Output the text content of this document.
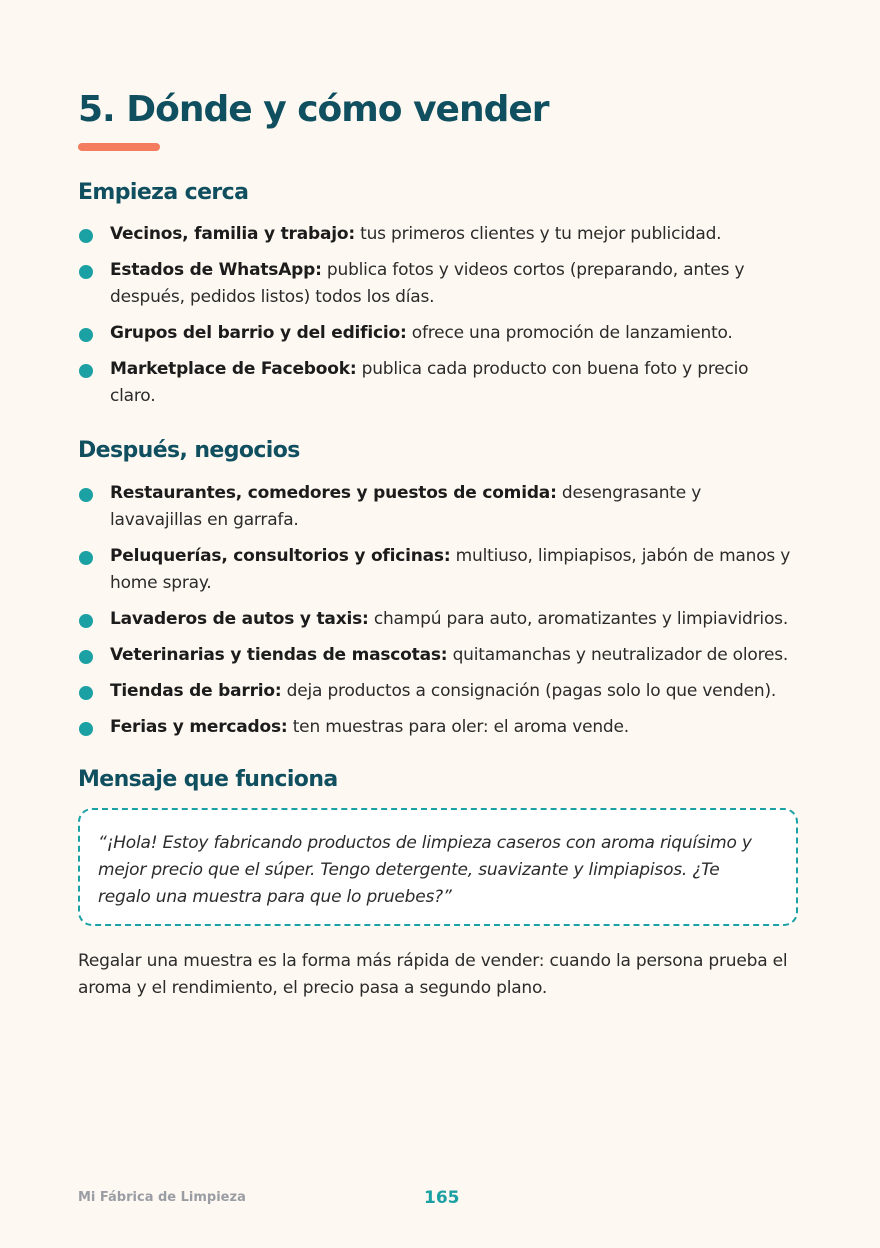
5. Dónde y cómo vender
Empieza cerca
Vecinos, familia y trabajo: tus primeros clientes y tu mejor publicidad.
Estados de WhatsApp: publica fotos y videos cortos (preparando, antes y después, pedidos listos) todos los días.
Grupos del barrio y del edificio: ofrece una promoción de lanzamiento.
Marketplace de Facebook: publica cada producto con buena foto y precio claro.
Después, negocios
Restaurantes, comedores y puestos de comida: desengrasante y lavavajillas en garrafa.
Peluquerías, consultorios y oficinas: multiuso, limpiapisos, jabón de manos y home spray.
Lavaderos de autos y taxis: champú para auto, aromatizantes y limpiavidrios.
Veterinarias y tiendas de mascotas: quitamanchas y neutralizador de olores.
Tiendas de barrio: deja productos a consignación (pagas solo lo que venden).
Ferias y mercados: ten muestras para oler: el aroma vende.
Mensaje que funciona

“¡Hola! Estoy fabricando productos de limpieza caseros con aroma riquísimo y mejor precio que el súper. Tengo detergente, suavizante y limpiapisos. ¿Te regalo una muestra para que lo pruebes?”

Regalar una muestra es la forma más rápida de vender: cuando la persona prueba el aroma y el rendimiento, el precio pasa a segundo plano.

Mi Fábrica de Limpieza	165
